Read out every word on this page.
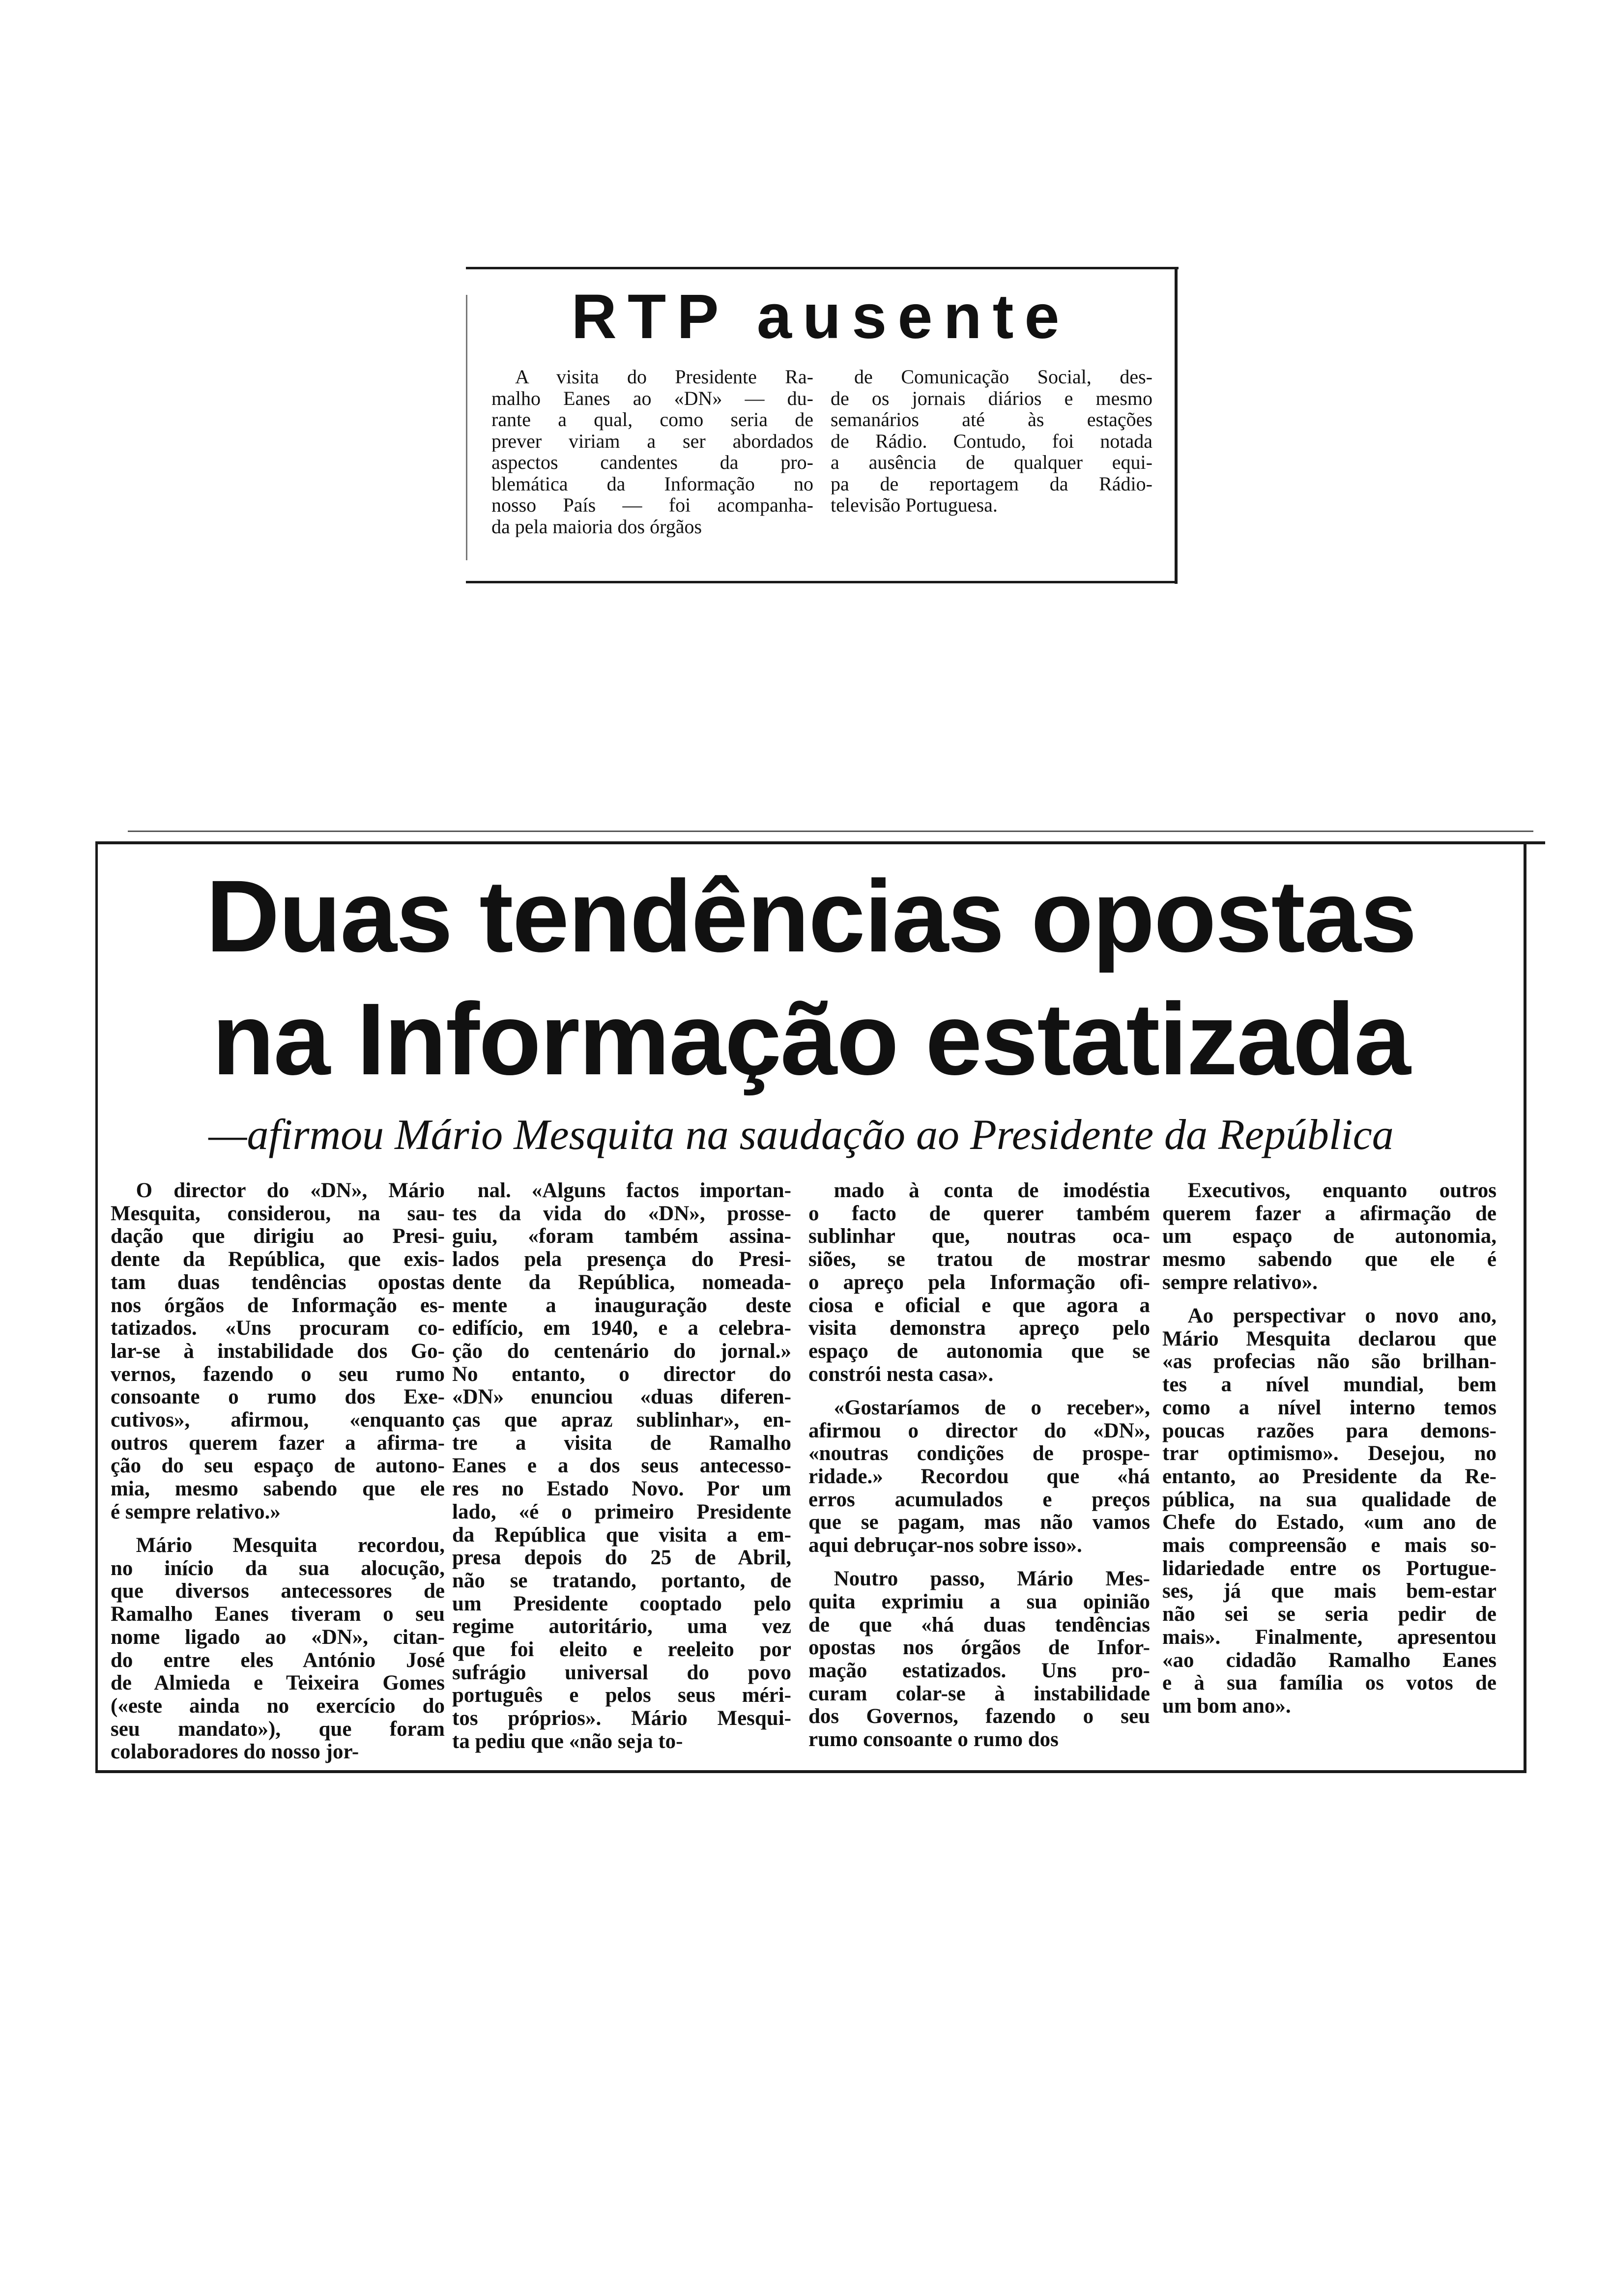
RTP ausente
A visita do Presidente Ra-
malho Eanes ao «DN» — du-
rante a qual, como seria de
prever viriam a ser abordados
aspectos candentes da pro-
blemática da Informação no
nosso País — foi acompanha-
da pela maioria dos órgãos
de Comunicação Social, des-
de os jornais diários e mesmo
semanários até às estações
de Rádio. Contudo, foi notada
a ausência de qualquer equi-
pa de reportagem da Rádio-
televisão Portuguesa.
Duas tendências opostas
na Informação estatizada
—afirmou Mário Mesquita na saudação ao Presidente da República
O director do «DN», Mário
Mesquita, considerou, na sau-
dação que dirigiu ao Presi-
dente da República, que exis-
tam duas tendências opostas
nos órgãos de Informação es-
tatizados. «Uns procuram co-
lar-se à instabilidade dos Go-
vernos, fazendo o seu rumo
consoante o rumo dos Exe-
cutivos», afirmou, «enquanto
outros querem fazer a afirma-
ção do seu espaço de autono-
mia, mesmo sabendo que ele
é sempre relativo.»
Mário Mesquita recordou,
no início da sua alocução,
que diversos antecessores de
Ramalho Eanes tiveram o seu
nome ligado ao «DN», citan-
do entre eles António José
de Almieda e Teixeira Gomes
(«este ainda no exercício do
seu mandato»), que foram
colaboradores do nosso jor-
nal. «Alguns factos importan-
tes da vida do «DN», prosse-
guiu, «foram também assina-
lados pela presença do Presi-
dente da República, nomeada-
mente a inauguração deste
edifício, em 1940, e a celebra-
ção do centenário do jornal.»
No entanto, o director do
«DN» enunciou «duas diferen-
ças que apraz sublinhar», en-
tre a visita de Ramalho
Eanes e a dos seus antecesso-
res no Estado Novo. Por um
lado, «é o primeiro Presidente
da República que visita a em-
presa depois do 25 de Abril,
não se tratando, portanto, de
um Presidente cooptado pelo
regime autoritário, uma vez
que foi eleito e reeleito por
sufrágio universal do povo
português e pelos seus méri-
tos próprios». Mário Mesqui-
ta pediu que «não seja to-
mado à conta de imodéstia
o facto de querer também
sublinhar que, noutras oca-
siões, se tratou de mostrar
o apreço pela Informação ofi-
ciosa e oficial e que agora a
visita demonstra apreço pelo
espaço de autonomia que se
constrói nesta casa».
«Gostaríamos de o receber»,
afirmou o director do «DN»,
«noutras condições de prospe-
ridade.» Recordou que «há
erros acumulados e preços
que se pagam, mas não vamos
aqui debruçar-nos sobre isso».
Noutro passo, Mário Mes-
quita exprimiu a sua opinião
de que «há duas tendências
opostas nos órgãos de Infor-
mação estatizados. Uns pro-
curam colar-se à instabilidade
dos Governos, fazendo o seu
rumo consoante o rumo dos
Executivos, enquanto outros
querem fazer a afirmação de
um espaço de autonomia,
mesmo sabendo que ele é
sempre relativo».
Ao perspectivar o novo ano,
Mário Mesquita declarou que
«as profecias não são brilhan-
tes a nível mundial, bem
como a nível interno temos
poucas razões para demons-
trar optimismo». Desejou, no
entanto, ao Presidente da Re-
pública, na sua qualidade de
Chefe do Estado, «um ano de
mais compreensão e mais so-
lidariedade entre os Portugue-
ses, já que mais bem-estar
não sei se seria pedir de
mais». Finalmente, apresentou
«ao cidadão Ramalho Eanes
e à sua família os votos de
um bom ano».
